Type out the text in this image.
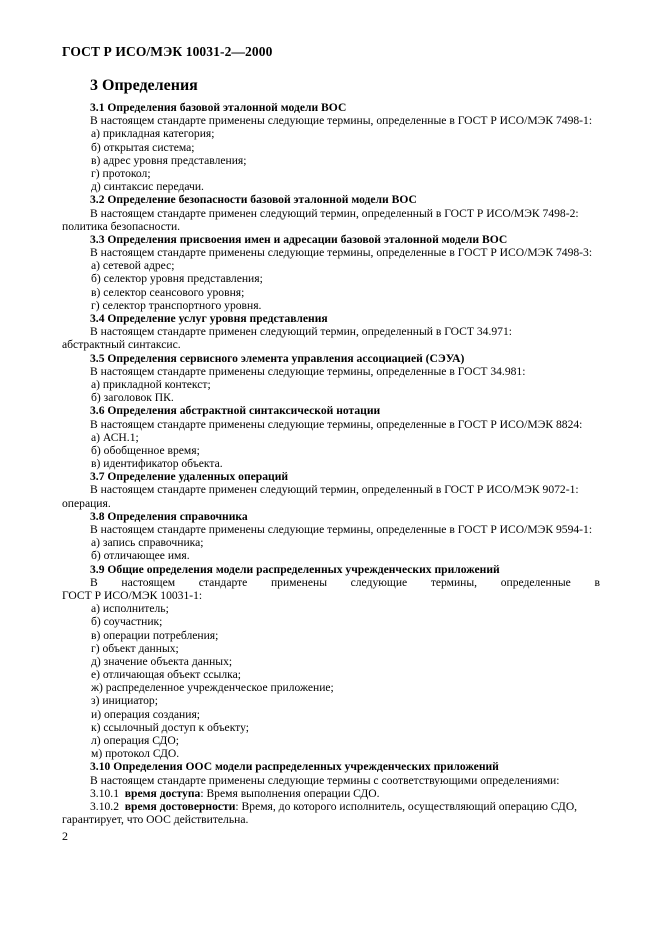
ГОСТ Р ИСО/МЭК 10031-2—2000
3 Определения
3.1 Определения базовой эталонной модели ВОС
В настоящем стандарте применены следующие термины, определенные в ГОСТ Р ИСО/МЭК 7498-1:
а) прикладная категория;
б) открытая система;
в) адрес уровня представления;
г) протокол;
д) синтаксис передачи.
3.2 Определение безопасности базовой эталонной модели ВОС
В настоящем стандарте применен следующий термин, определенный в ГОСТ Р ИСО/МЭК 7498-2:
политика безопасности.
3.3 Определения присвоения имен и адресации базовой эталонной модели ВОС
В настоящем стандарте применены следующие термины, определенные в ГОСТ Р ИСО/МЭК 7498-3:
а) сетевой адрес;
б) селектор уровня представления;
в) селектор сеансового уровня;
г) селектор транспортного уровня.
3.4 Определение услуг уровня представления
В настоящем стандарте применен следующий термин, определенный в ГОСТ 34.971:
абстрактный синтаксис.
3.5 Определения сервисного элемента управления ассоциацией (СЭУА)
В настоящем стандарте применены следующие термины, определенные в ГОСТ 34.981:
а) прикладной контекст;
б) заголовок ПК.
3.6 Определения абстрактной синтаксической нотации
В настоящем стандарте применены следующие термины, определенные в ГОСТ Р ИСО/МЭК 8824:
а) АСН.1;
б) обобщенное время;
в) идентификатор объекта.
3.7 Определение удаленных операций
В настоящем стандарте применен следующий термин, определенный в ГОСТ Р ИСО/МЭК 9072-1:
операция.
3.8 Определения справочника
В настоящем стандарте применены следующие термины, определенные в ГОСТ Р ИСО/МЭК 9594-1:
а) запись справочника;
б) отличающее имя.
3.9 Общие определения модели распределенных учрежденческих приложений
В настоящем стандарте применены следующие термины, определенные в
ГОСТ Р ИСО/МЭК 10031-1:
а) исполнитель;
б) соучастник;
в) операции потребления;
г) объект данных;
д) значение объекта данных;
е) отличающая объект ссылка;
ж) распределенное учрежденческое приложение;
з) инициатор;
и) операция создания;
к) ссылочный доступ к объекту;
л) операция СДО;
м) протокол СДО.
3.10 Определения ООС модели распределенных учрежденческих приложений
В настоящем стандарте применены следующие термины с соответствующими определениями:
3.10.1 время доступа: Время выполнения операции СДО.
3.10.2 время достоверности: Время, до которого исполнитель, осуществляющий операцию СДО,
гарантирует, что ООС действительна.
2
